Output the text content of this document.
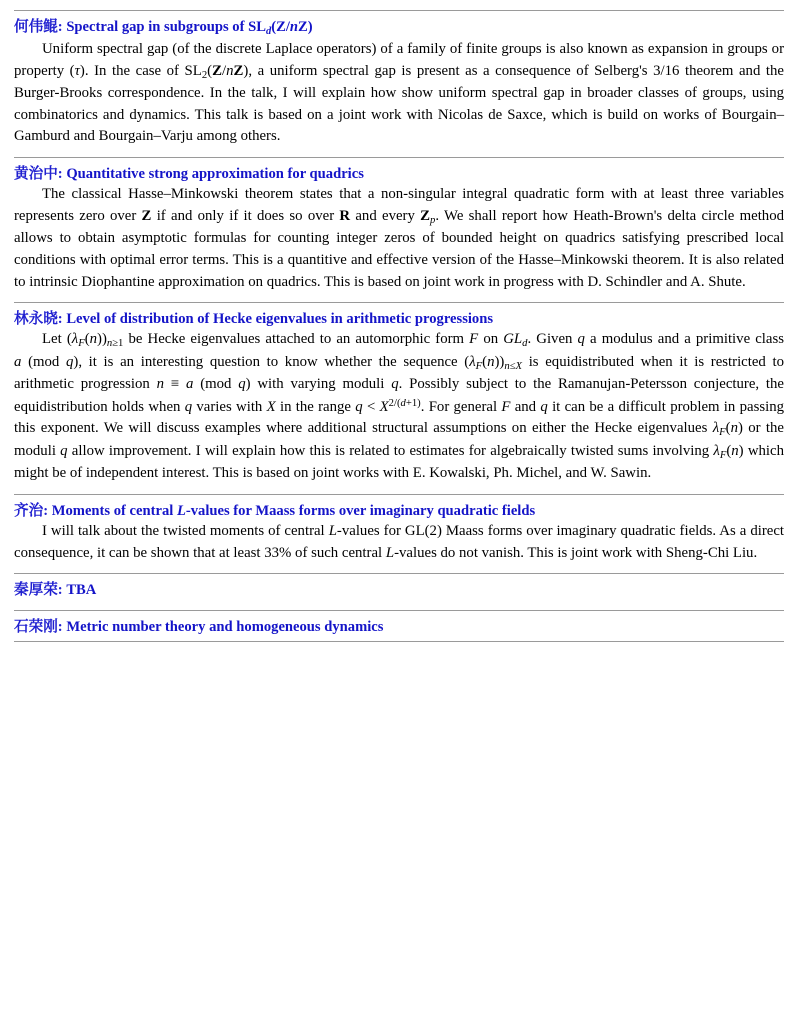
何伟鲲: Spectral gap in subgroups of $SL_d(Z/nZ)$

Uniform spectral gap (of the discrete Laplace operators) of a family of finite groups is also known as expansion in groups or property (τ). In the case of $SL_2(Z/nZ)$, a uniform spectral gap is present as a consequence of Selberg's 3/16 theorem and the Burger-Brooks correspondence. In the talk, I will explain how show uniform spectral gap in broader classes of groups, using combinatorics and dynamics. This talk is based on a joint work with Nicolas de Saxce, which is build on works of Bourgain–Gamburd and Bourgain–Varju among others.

黄治中: Quantitative strong approximation for quadrics

The classical Hasse–Minkowski theorem states that a non-singular integral quadratic form with at least three variables represents zero over Z if and only if it does so over R and every $Z_p$. We shall report how Heath-Brown's delta circle method allows to obtain asymptotic formulas for counting integer zeros of bounded height on quadrics satisfying prescribed local conditions with optimal error terms. This is a quantitive and effective version of the Hasse–Minkowski theorem. It is also related to intrinsic Diophantine approximation on quadrics. This is based on joint work in progress with D. Schindler and A. Shute.

林永晓: Level of distribution of Hecke eigenvalues in arithmetic progressions

Let $(\lambda_F(n))_{n\ge 1}$ be Hecke eigenvalues attached to an automorphic form F on $GL_d$. Given q a modulus and a primitive class a (mod q), it is an interesting question to know whether the sequence $(\lambda_F(n))_{n\le X}$ is equidistributed when it is restricted to arithmetic progression n ≡ a (mod q) with varying moduli q. Possibly subject to the Ramanujan-Petersson conjecture, the equidistribution holds when q varies with X in the range $q < X^{2/(d+1)}$. For general F and q it can be a difficult problem in passing this exponent. We will discuss examples where additional structural assumptions on either the Hecke eigenvalues $\lambda_F(n)$ or the moduli q allow improvement. I will explain how this is related to estimates for algebraically twisted sums involving $\lambda_F(n)$ which might be of independent interest. This is based on joint works with E. Kowalski, Ph. Michel, and W. Sawin.

齐治: Moments of central L-values for Maass forms over imaginary quadratic fields

I will talk about the twisted moments of central L-values for GL(2) Maass forms over imaginary quadratic fields. As a direct consequence, it can be shown that at least 33% of such central L-values do not vanish. This is joint work with Sheng-Chi Liu.

秦厚荣: TBA
石荣刚: Metric number theory and homogeneous dynamics
